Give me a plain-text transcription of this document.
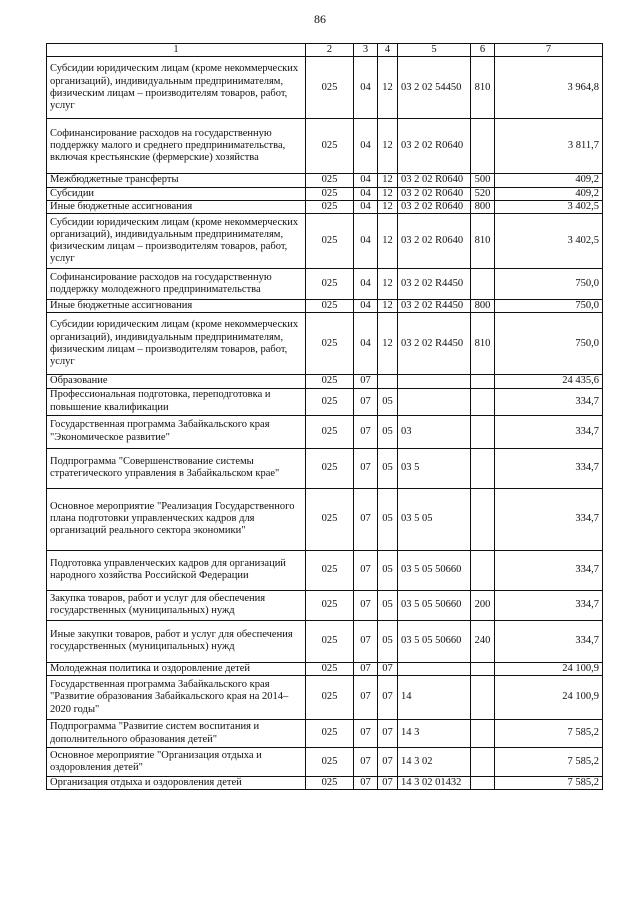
86
1	2	3	4	5	6	7
Субсидии юридическим лицам (кроме некоммерческих организаций), индивидуальным предпринимателям, физическим лицам – производителям товаров, работ, услуг	025	04	12	03 2 02 54450	810	3 964,8
Софинансирование расходов на государственную поддержку малого и среднего предпринимательства, включая крестьянские (фермерские) хозяйства	025	04	12	03 2 02 R0640		3 811,7
Межбюджетные трансферты	025	04	12	03 2 02 R0640	500	409,2
Субсидии	025	04	12	03 2 02 R0640	520	409,2
Иные бюджетные ассигнования	025	04	12	03 2 02 R0640	800	3 402,5
Субсидии юридическим лицам (кроме некоммерческих организаций), индивидуальным предпринимателям, физическим лицам – производителям товаров, работ, услуг	025	04	12	03 2 02 R0640	810	3 402,5
Софинансирование расходов на государственную поддержку молодежного предпринимательства	025	04	12	03 2 02 R4450		750,0
Иные бюджетные ассигнования	025	04	12	03 2 02 R4450	800	750,0
Субсидии юридическим лицам (кроме некоммерческих организаций), индивидуальным предпринимателям, физическим лицам – производителям товаров, работ, услуг	025	04	12	03 2 02 R4450	810	750,0
Образование	025	07				24 435,6
Профессиональная подготовка, переподготовка и повышение квалификации	025	07	05			334,7
Государственная программа Забайкальского края "Экономическое развитие"	025	07	05	03		334,7
Подпрограмма "Совершенствование системы стратегического управления в Забайкальском крае"	025	07	05	03 5		334,7
Основное мероприятие "Реализация Государственного плана подготовки управленческих кадров для организаций реального сектора экономики"	025	07	05	03 5 05		334,7
Подготовка управленческих кадров для организаций народного хозяйства Российской Федерации	025	07	05	03 5 05 50660		334,7
Закупка товаров, работ и услуг для обеспечения государственных (муниципальных) нужд	025	07	05	03 5 05 50660	200	334,7
Иные закупки товаров, работ и услуг для обеспечения государственных (муниципальных) нужд	025	07	05	03 5 05 50660	240	334,7
Молодежная политика и оздоровление детей	025	07	07			24 100,9
Государственная программа Забайкальского края "Развитие образования Забайкальского края на 2014–2020 годы"	025	07	07	14		24 100,9
Подпрограмма "Развитие систем воспитания и дополнительного образования детей"	025	07	07	14 3		7 585,2
Основное мероприятие "Организация отдыха и оздоровления детей"	025	07	07	14 3 02		7 585,2
Организация отдыха и оздоровления детей	025	07	07	14 3 02 01432		7 585,2
